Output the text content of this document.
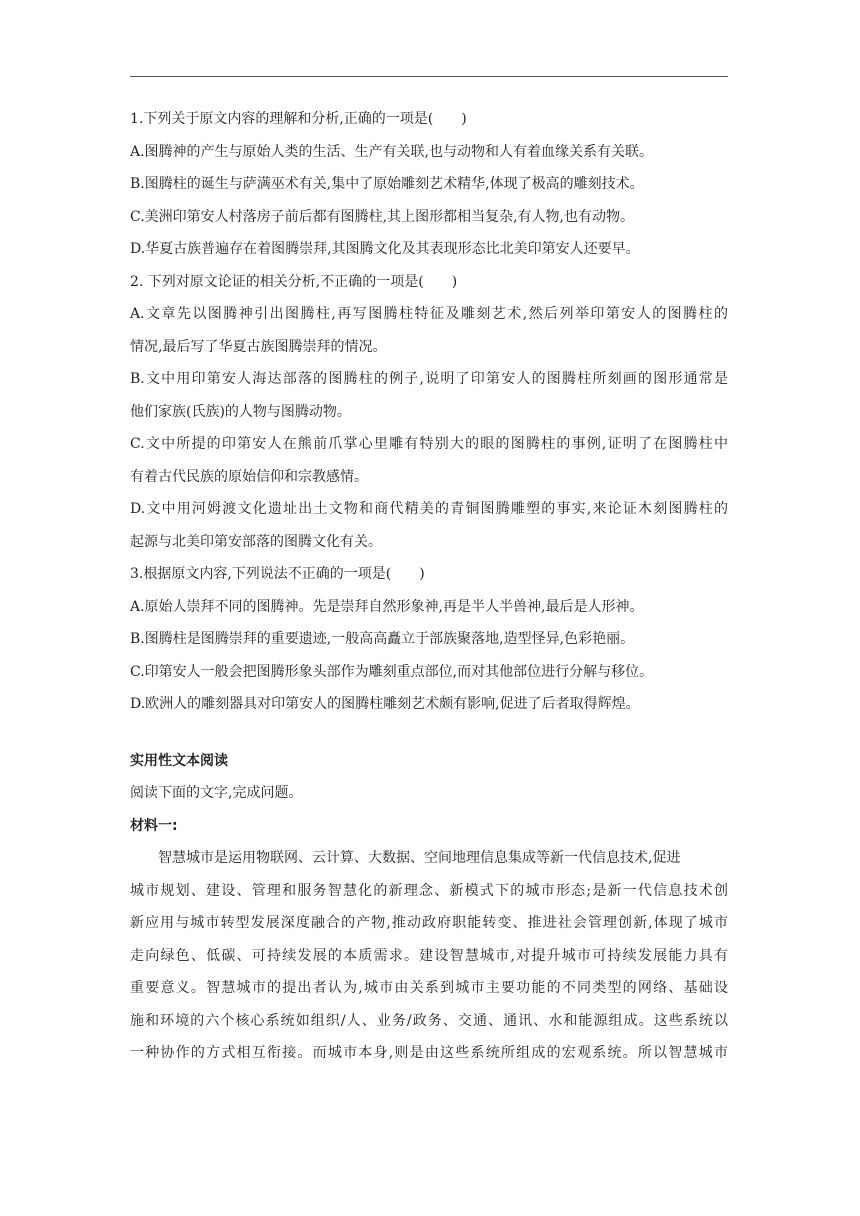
1.下列关于原文内容的理解和分析,正确的一项是(　　)
A.图腾神的产生与原始人类的生活、生产有关联,也与动物和人有着血缘关系有关联。
B.图腾柱的诞生与萨满巫术有关,集中了原始雕刻艺术精华,体现了极高的雕刻技术。
C.美洲印第安人村落房子前后都有图腾柱,其上图形都相当复杂,有人物,也有动物。
D.华夏古族普遍存在着图腾崇拜,其图腾文化及其表现形态比北美印第安人还要早。
2. 下列对原文论证的相关分析,不正确的一项是(　　)
A.文章先以图腾神引出图腾柱,再写图腾柱特征及雕刻艺术,然后列举印第安人的图腾柱的
情况,最后写了华夏古族图腾崇拜的情况。
B.文中用印第安人海达部落的图腾柱的例子,说明了印第安人的图腾柱所刻画的图形通常是
他们家族(氏族)的人物与图腾动物。
C.文中所提的印第安人在熊前爪掌心里雕有特别大的眼的图腾柱的事例,证明了在图腾柱中
有着古代民族的原始信仰和宗教感情。
D.文中用河姆渡文化遗址出土文物和商代精美的青铜图腾雕塑的事实,来论证木刻图腾柱的
起源与北美印第安部落的图腾文化有关。
3.根据原文内容,下列说法不正确的一项是(　　)
A.原始人崇拜不同的图腾神。先是崇拜自然形象神,再是半人半兽神,最后是人形神。
B.图腾柱是图腾崇拜的重要遗迹,一般高高矗立于部族聚落地,造型怪异,色彩艳丽。
C.印第安人一般会把图腾形象头部作为雕刻重点部位,而对其他部位进行分解与移位。
D.欧洲人的雕刻器具对印第安人的图腾柱雕刻艺术颇有影响,促进了后者取得辉煌。
实用性文本阅读
阅读下面的文字,完成问题。
材料一:
智慧城市是运用物联网、云计算、大数据、空间地理信息集成等新一代信息技术,促进
城市规划、建设、管理和服务智慧化的新理念、新模式下的城市形态;是新一代信息技术创
新应用与城市转型发展深度融合的产物,推动政府职能转变、推进社会管理创新,体现了城市
走向绿色、低碳、可持续发展的本质需求。建设智慧城市,对提升城市可持续发展能力具有
重要意义。智慧城市的提出者认为,城市由关系到城市主要功能的不同类型的网络、基础设
施和环境的六个核心系统如组织/人、业务/政务、交通、通讯、水和能源组成。这些系统以
一种协作的方式相互衔接。而城市本身,则是由这些系统所组成的宏观系统。所以智慧城市
